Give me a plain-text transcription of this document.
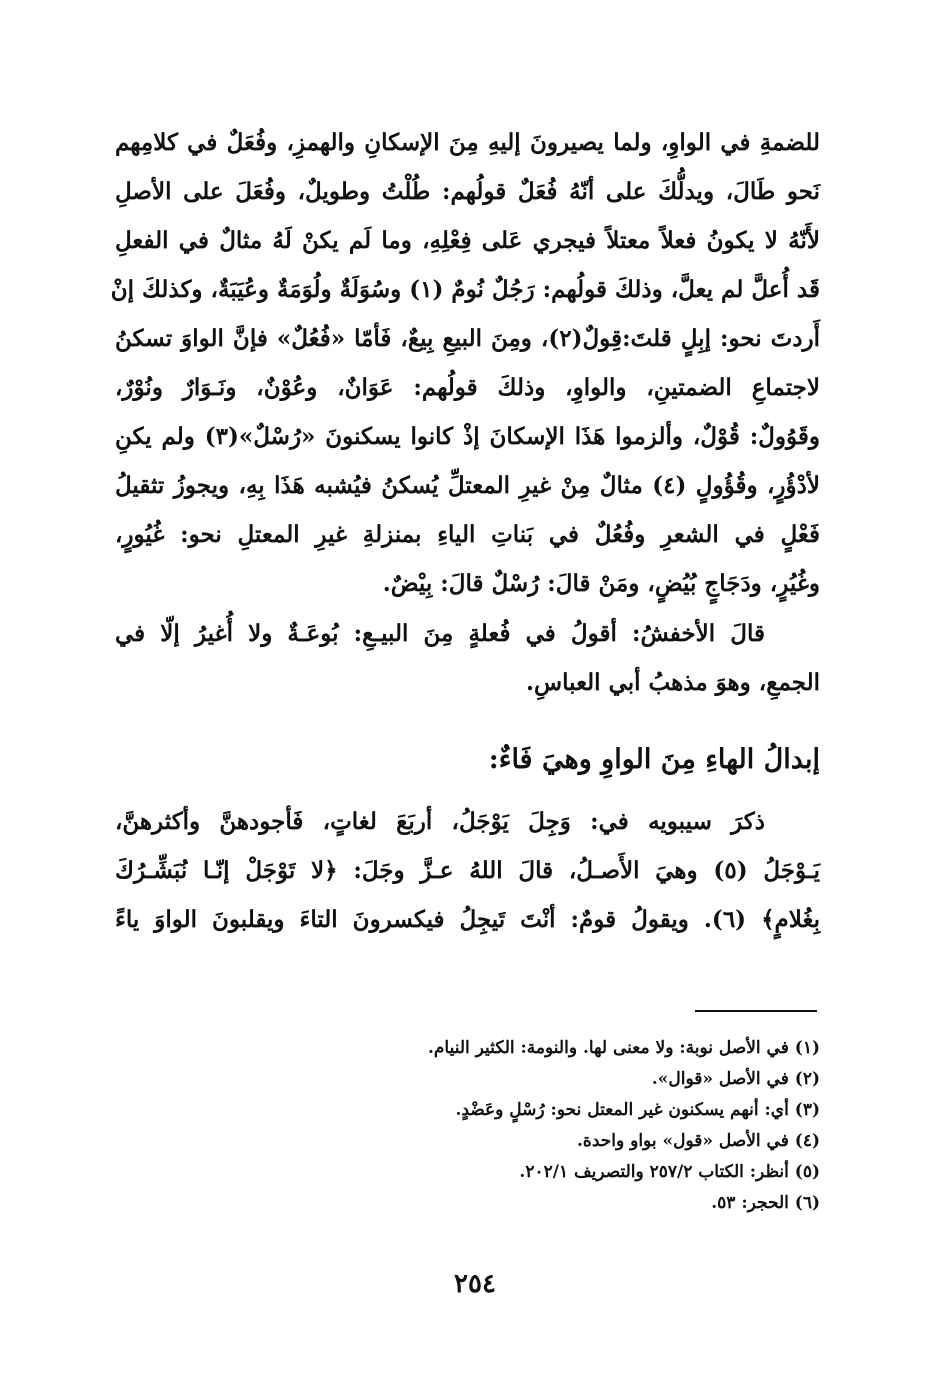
للضمةِ في الواوِ، ولما يصيرونَ إليهِ مِنَ الإسكانِ والهمزِ، وفُعَلٌ في كلامِهم
نَحو طَالَ، ويدلُّكَ على أنّهُ فُعَلٌ قولُهم: طُلْتُ وطويلٌ، وفُعَلَ على الأصلِ
لأَنّهُ لا يكونُ فعلاً معتلاً فيجري عَلى فِعْلِهِ، وما لَم يكنْ لَهُ مثالٌ في الفعلِ
قَد أُعلَّ لم يعلَّ، وذلكَ قولُهم: رَجُلٌ نُومٌ (١) وسُوَلَةٌ ولُوَمَةٌ وعُيَبَةٌ، وكذلكَ إنْ
أَردتَ نحو: إبِلٍ قلتَ:قِولٌ(٢)، ومِنَ البيعِ بِيعٌ، فَأمّا «فُعُلٌ» فإنَّ الواوَ تسكنُ
لاجتماعِ الضمتينِ، والواوِ، وذلكَ قولُهم: عَوَانٌ، وعُوْنٌ، ونَـوَارٌ ونُوْرٌ،
وقَوُولٌ: قُوْلٌ، وألزموا هَذَا الإسكانَ إذْ كانوا يسكنونَ «رُسْلٌ»(٣) ولم يكنِ
لأدْؤُرٍ، وقُؤُولٍ (٤) مثالٌ مِنْ غيرِ المعتلِّ يُسكنُ فيُشبه هَذَا بِهِ، ويجوزُ تثقيلُ
فَعْلٍ في الشعرِ وفُعُلٌ في بَناتِ الياءِ بمنزلةِ غيرِ المعتلِ نحو: غُيُورٍ،
وغُيُرٍ، ودَجَاجٍ بُيُضٍ، ومَنْ قالَ: رُسْلٌ قالَ: بِيْضٌ.
قالَ الأخفشُ: أقولُ في فُعلةٍ مِنَ البيـعِ: بُوعَـةٌ ولا أُغيرُ إلّا في
الجمعِ، وهوَ مذهبُ أبي العباسِ.
إبدالُ الهاءِ مِنَ الواوِ وهيَ فَاءٌ:
ذكرَ سيبويه في: وَجِلَ يَوْجَلُ، أربَعَ لغاتٍ، فَأجودهنَّ وأكثرهنَّ،
يَـوْجَلُ (٥) وهيَ الأَصـلُ، قالَ اللهُ عـزَّ وجَلَ: ﴿لا تَوْجَلْ إنّـا نُبَشِّـرُكَ
بِغُلامٍ﴾ (٦). ويقولُ قومٌ: أنْتَ تَيجِلُ فيكسرونَ التاءَ ويقلبونَ الواوَ ياءً
(١) في الأصل نوبة: ولا معنى لها. والنومة: الكثير النيام.
(٢) في الأصل «قوال».
(٣) أي: أنهم يسكنون غير المعتل نحو: رُسْلٍ وعَضْدٍ.
(٤) في الأصل «قول» بواو واحدة.
(٥) أنظر: الكتاب ٢٥٧/٢ والتصريف ٢٠٢/١.
(٦) الحجر: ٥٣.
٢٥٤
